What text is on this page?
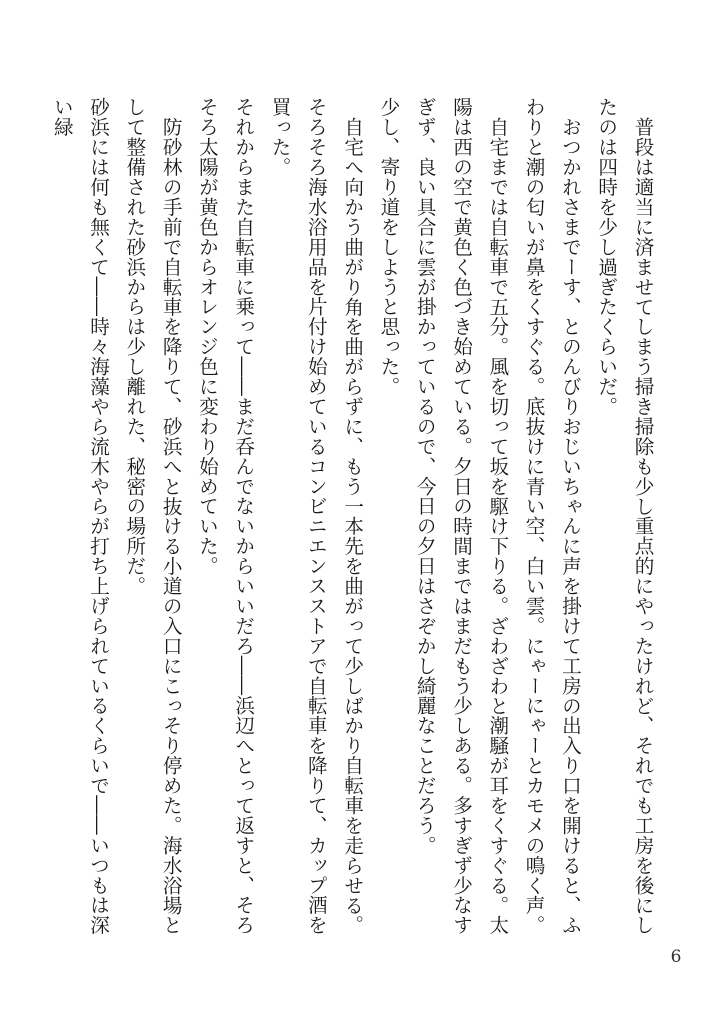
普段は適当に済ませてしまう掃き掃除も少し重点的にやったけれど、それでも工房を後にしたのは四時を少し過ぎたくらいだ。

おつかれさまでーす、とのんびりおじいちゃんに声を掛けて工房の出入り口を開けると、ふわりと潮の匂いが鼻をくすぐる。底抜けに青い空、白い雲。にゃーにゃーとカモメの鳴く声。

自宅までは自転車で五分。風を切って坂を駆け下りる。ざわざわと潮騒が耳をくすぐる。太陽は西の空で黄色く色づき始めている。夕日の時間まではまだもう少しある。多すぎず少なすぎず、良い具合に雲が掛かっているので、今日の夕日はさぞかし綺麗なことだろう。

少し、寄り道をしようと思った。

自宅へ向かう曲がり角を曲がらずに、もう一本先を曲がって少しばかり自転車を走らせる。そろそろ海水浴用品を片付け始めているコンビニエンスストアで自転車を降りて、カップ酒を買った。

それからまた自転車に乗って――まだ呑んでないからいいだろ――浜辺へとって返すと、そろそろ太陽が黄色からオレンジ色に変わり始めていた。

防砂林の手前で自転車を降りて、砂浜へと抜ける小道の入口にこっそり停めた。海水浴場として整備された砂浜からは少し離れた、秘密の場所だ。

砂浜には何も無くて――時々海藻やら流木やらが打ち上げられているくらいで――いつもは深い緑

6
